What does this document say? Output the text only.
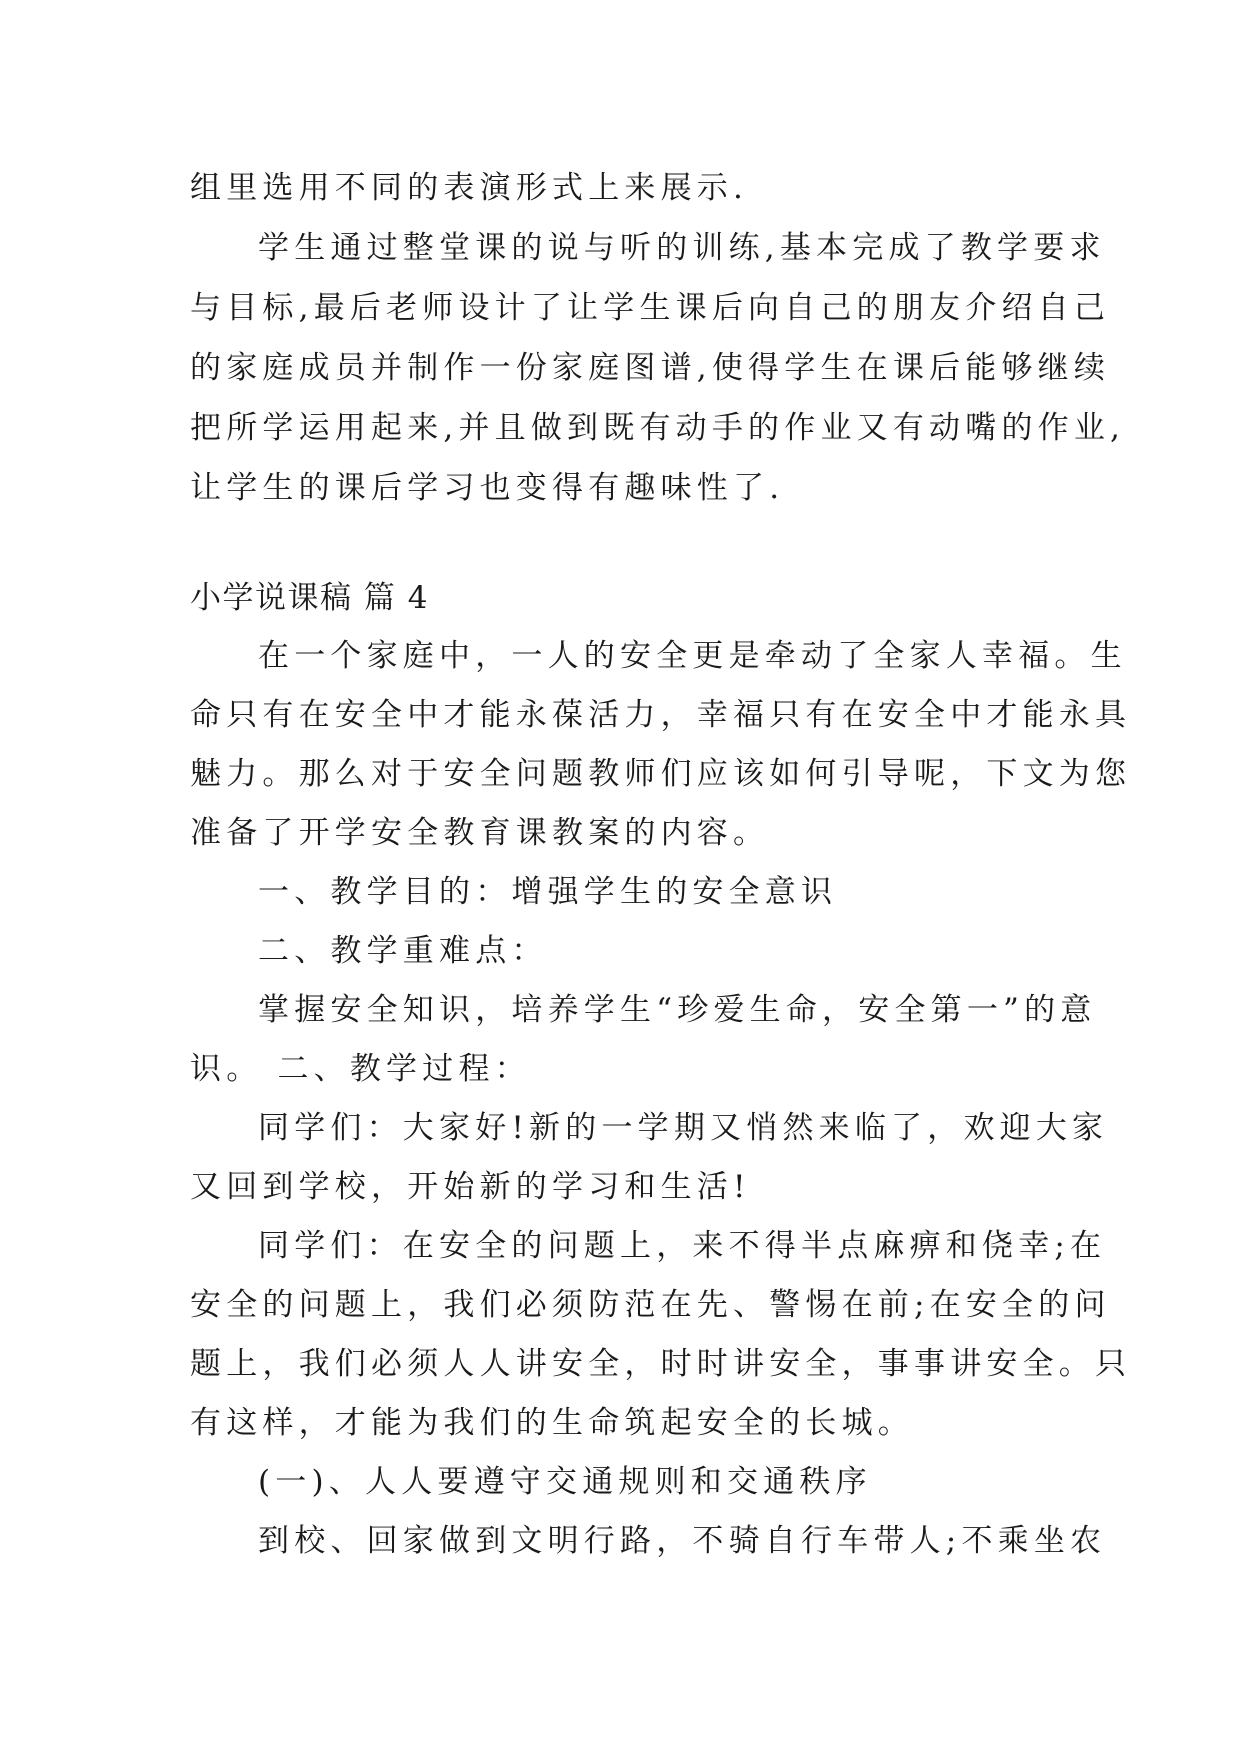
组里选用不同的表演形式上来展示.
学生通过整堂课的说与听的训练,基本完成了教学要求
与目标,最后老师设计了让学生课后向自己的朋友介绍自己
的家庭成员并制作一份家庭图谱,使得学生在课后能够继续
把所学运用起来,并且做到既有动手的作业又有动嘴的作业,
让学生的课后学习也变得有趣味性了.
小学说课稿 篇 4
在一个家庭中，一人的安全更是牵动了全家人幸福。生
命只有在安全中才能永葆活力，幸福只有在安全中才能永具
魅力。那么对于安全问题教师们应该如何引导呢，下文为您
准备了开学安全教育课教案的内容。
一、教学目的：增强学生的安全意识
二、教学重难点：
掌握安全知识，培养学生“珍爱生命，安全第一”的意
识。 二、教学过程：
同学们：大家好!新的一学期又悄然来临了，欢迎大家
又回到学校，开始新的学习和生活!
同学们：在安全的问题上，来不得半点麻痹和侥幸;在
安全的问题上，我们必须防范在先、警惕在前;在安全的问
题上，我们必须人人讲安全，时时讲安全，事事讲安全。只
有这样，才能为我们的生命筑起安全的长城。
(一)、人人要遵守交通规则和交通秩序
到校、回家做到文明行路，不骑自行车带人;不乘坐农
